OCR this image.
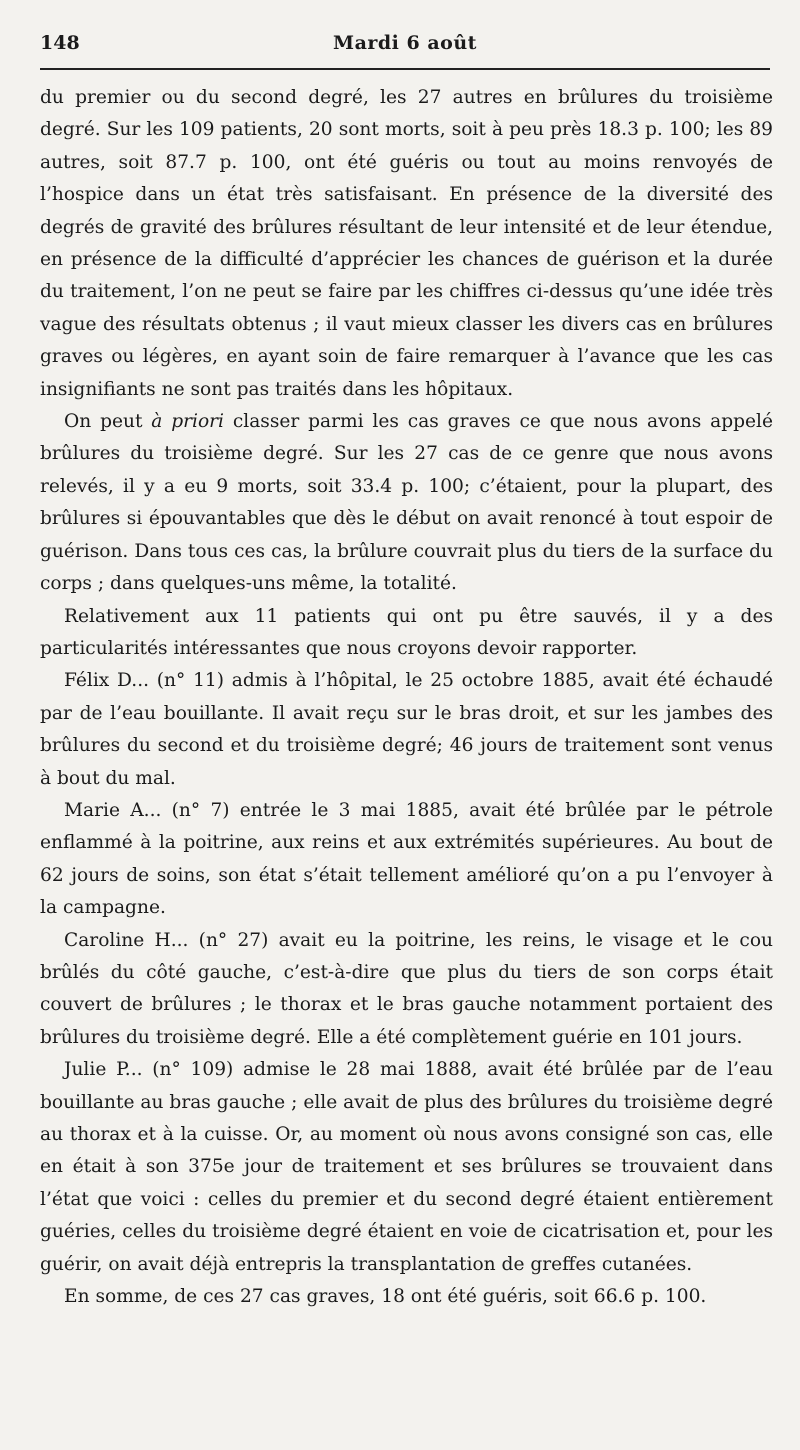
148	Mardi 6 août

du premier ou du second degré, les 27 autres en brûlures du troisième degré. Sur les 109 patients, 20 sont morts, soit à peu près 18.3 p. 100; les 89 autres, soit 87.7 p. 100, ont été guéris ou tout au moins renvoyés de l’hospice dans un état très satisfaisant. En présence de la diversité des degrés de gravité des brûlures résultant de leur intensité et de leur étendue, en présence de la difficulté d’apprécier les chances de guérison et la durée du traitement, l’on ne peut se faire par les chiffres ci-dessus qu’une idée très vague des résultats obtenus ; il vaut mieux classer les divers cas en brûlures graves ou légères, en ayant soin de faire remarquer à l’avance que les cas insignifiants ne sont pas traités dans les hôpitaux.

On peut à priori classer parmi les cas graves ce que nous avons appelé brûlures du troisième degré. Sur les 27 cas de ce genre que nous avons relevés, il y a eu 9 morts, soit 33.4 p. 100; c’étaient, pour la plupart, des brûlures si épouvantables que dès le début on avait renoncé à tout espoir de guérison. Dans tous ces cas, la brûlure couvrait plus du tiers de la surface du corps ; dans quelques-uns même, la totalité.

Relativement aux 11 patients qui ont pu être sauvés, il y a des particularités intéressantes que nous croyons devoir rapporter.

Félix D... (n° 11) admis à l’hôpital, le 25 octobre 1885, avait été échaudé par de l’eau bouillante. Il avait reçu sur le bras droit, et sur les jambes des brûlures du second et du troisième degré; 46 jours de traitement sont venus à bout du mal.

Marie A... (n° 7) entrée le 3 mai 1885, avait été brûlée par le pétrole enflammé à la poitrine, aux reins et aux extrémités supérieures. Au bout de 62 jours de soins, son état s’était tellement amélioré qu’on a pu l’envoyer à la campagne.

Caroline H... (n° 27) avait eu la poitrine, les reins, le visage et le cou brûlés du côté gauche, c’est-à-dire que plus du tiers de son corps était couvert de brûlures ; le thorax et le bras gauche notamment portaient des brûlures du troisième degré. Elle a été complètement guérie en 101 jours.

Julie P... (n° 109) admise le 28 mai 1888, avait été brûlée par de l’eau bouillante au bras gauche ; elle avait de plus des brûlures du troisième degré au thorax et à la cuisse. Or, au moment où nous avons consigné son cas, elle en était à son 375e jour de traitement et ses brûlures se trouvaient dans l’état que voici : celles du premier et du second degré étaient entièrement guéries, celles du troisième degré étaient en voie de cicatrisation et, pour les guérir, on avait déjà entrepris la transplantation de greffes cutanées.

En somme, de ces 27 cas graves, 18 ont été guéris, soit 66.6 p. 100.
